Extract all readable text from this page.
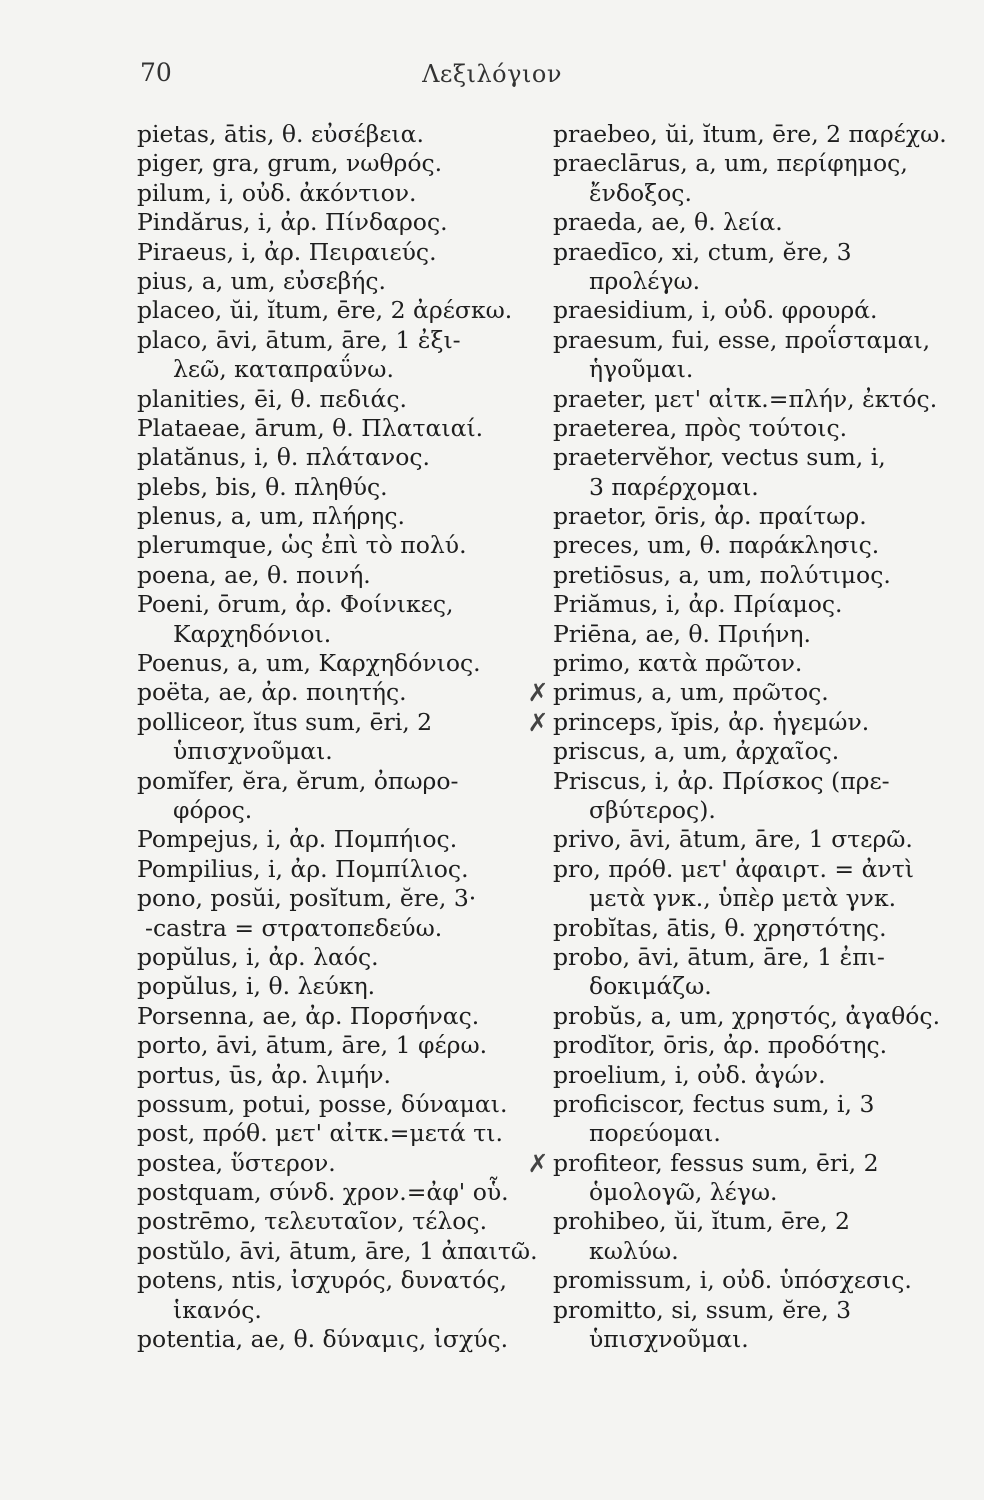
70	Λεξιλόγιον
pietas, ātis, θ. εὐσέβεια.
piger, gra, grum, νωθρός.
pilum, i, οὐδ. ἀκόντιον.
Pindărus, i, ἀρ. Πίνδαρος.
Piraeus, i, ἀρ. Πειραιεύς.
pius, a, um, εὐσεβής.
placeo, ŭi, ĭtum, ēre, 2 ἀρέσκω.
placo, āvi, ātum, āre, 1 ἐξι-
λεῶ, καταπραΰνω.
planities, ēi, θ. πεδιάς.
Plataeae, ārum, θ. Πλαταιαί.
platănus, i, θ. πλάτανος.
plebs, bis, θ. πληθύς.
plenus, a, um, πλήρης.
plerumque, ὡς ἐπὶ τὸ πολύ.
poena, ae, θ. ποινή.
Poeni, ōrum, ἀρ. Φοίνικες,
Καρχηδόνιοι.
Poenus, a, um, Καρχηδόνιος.
poëta, ae, ἀρ. ποιητής.
polliceor, ĭtus sum, ēri, 2
ὑπισχνοῦμαι.
pomĭfer, ĕra, ĕrum, ὀπωρο-
φόρος.
Pompejus, i, ἀρ. Πομπήιος.
Pompilius, i, ἀρ. Πομπίλιος.
pono, posŭi, posĭtum, ĕre, 3·
-castra = στρατοπεδεύω.
popŭlus, i, ἀρ. λαός.
popŭlus, i, θ. λεύκη.
Porsenna, ae, ἀρ. Πορσήνας.
porto, āvi, ātum, āre, 1 φέρω.
portus, ūs, ἀρ. λιμήν.
possum, potui, posse, δύναμαι.
post, πρόθ. μετ' αἰτκ.=μετά τι.
postea, ὕστερον.
postquam, σύνδ. χρον.=ἀφ' οὗ.
postrēmo, τελευταῖον, τέλος.
postŭlo, āvi, ātum, āre, 1 ἀπαιτῶ.
potens, ntis, ἰσχυρός, δυνατός,
ἱκανός.
potentia, ae, θ. δύναμις, ἰσχύς.
praebeo, ŭi, ĭtum, ēre, 2 παρέχω.
praeclārus, a, um, περίφημος,
ἔνδοξος.
praeda, ae, θ. λεία.
praedīco, xi, ctum, ĕre, 3
προλέγω.
praesidium, i, οὐδ. φρουρά.
praesum, fui, esse, προΐσταμαι,
ἡγοῦμαι.
praeter, μετ' αἰτκ.=πλήν, ἐκτός.
praeterea, πρὸς τούτοις.
praetervĕhor, vectus sum, i,
3 παρέρχομαι.
praetor, ōris, ἀρ. πραίτωρ.
preces, um, θ. παράκλησις.
pretiōsus, a, um, πολύτιμος.
Priămus, i, ἀρ. Πρίαμος.
Priēna, ae, θ. Πριήνη.
primo, κατὰ πρῶτον.
✗ primus, a, um, πρῶτος.
✗ princeps, ĭpis, ἀρ. ἡγεμών.
priscus, a, um, ἀρχαῖος.
Priscus, i, ἀρ. Πρίσκος (πρε-
σβύτερος).
privo, āvi, ātum, āre, 1 στερῶ.
pro, πρόθ. μετ' ἀφαιρτ. = ἀντὶ
μετὰ γνκ., ὑπὲρ μετὰ γνκ.
probĭtas, ātis, θ. χρηστότης.
probo, āvi, ātum, āre, 1 ἐπι-
δοκιμάζω.
probŭs, a, um, χρηστός, ἀγαθός.
prodĭtor, ōris, ἀρ. προδότης.
proelium, i, οὐδ. ἀγών.
proficiscor, fectus sum, i, 3
πορεύομαι.
✗ profiteor, fessus sum, ēri, 2
ὁμολογῶ, λέγω.
prohibeo, ŭi, ĭtum, ēre, 2
κωλύω.
promissum, i, οὐδ. ὑπόσχεσις.
promitto, si, ssum, ĕre, 3
ὑπισχνοῦμαι.
